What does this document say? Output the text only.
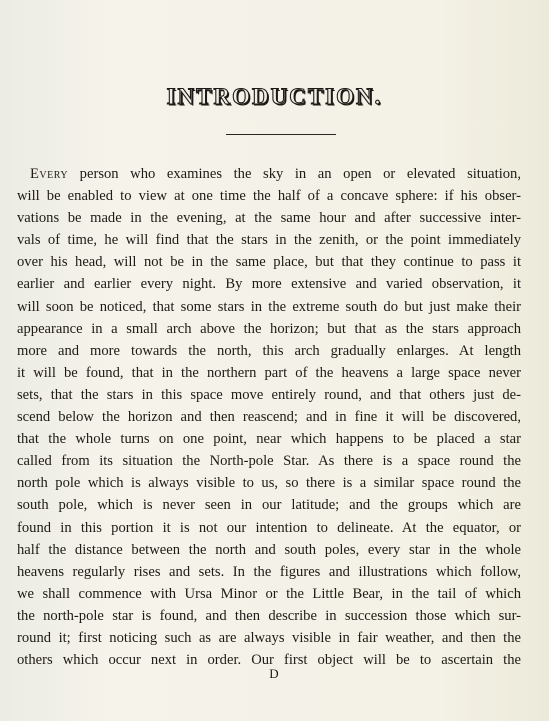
INTRODUCTION.
Every person who examines the sky in an open or elevated situation,
will be enabled to view at one time the half of a concave sphere: if his obser-
vations be made in the evening, at the same hour and after successive inter-
vals of time, he will find that the stars in the zenith, or the point immediately
over his head, will not be in the same place, but that they continue to pass it
earlier and earlier every night. By more extensive and varied observation, it
will soon be noticed, that some stars in the extreme south do but just make their
appearance in a small arch above the horizon; but that as the stars approach
more and more towards the north, this arch gradually enlarges. At length
it will be found, that in the northern part of the heavens a large space never
sets, that the stars in this space move entirely round, and that others just de-
scend below the horizon and then reascend; and in fine it will be discovered,
that the whole turns on one point, near which happens to be placed a star
called from its situation the North-pole Star. As there is a space round the
north pole which is always visible to us, so there is a similar space round the
south pole, which is never seen in our latitude; and the groups which are
found in this portion it is not our intention to delineate. At the equator, or
half the distance between the north and south poles, every star in the whole
heavens regularly rises and sets. In the figures and illustrations which follow,
we shall commence with Ursa Minor or the Little Bear, in the tail of which
the north-pole star is found, and then describe in succession those which sur-
round it; first noticing such as are always visible in fair weather, and then the
others which occur next in order. Our first object will be to ascertain the
D
